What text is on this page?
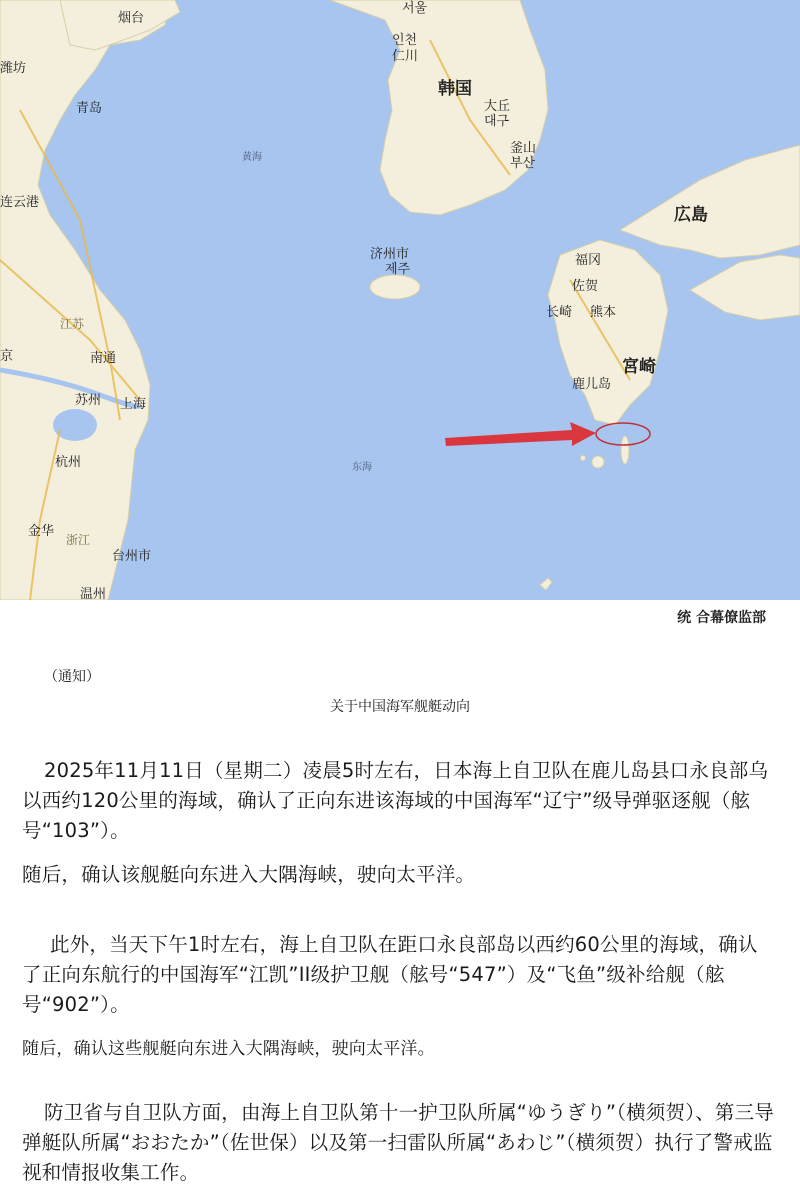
烟台
潍坊
青岛
连云港
江苏
京	南通
苏州 上海
杭州
浙江
金华
台州市
温州
黄海
东海
서울
인천
仁川
韩国
大丘
대구
釜山
부산
济州市
제주
福冈
佐贺
长崎 熊本
宮崎
鹿儿岛
広島
统 合幕僚监部
（通知）
关于中国海军舰艇动向
2025年11月11日（星期二）凌晨5时左右，日本海上自卫队在鹿儿岛县口永良部乌以西约120公里的海域，确认了正向东进该海域的中国海军“辽宁”级导弹驱逐舰（舷号“103”）。
随后，确认该舰艇向东进入大隅海峡，驶向太平洋。
此外，当天下午1时左右，海上自卫队在距口永良部岛以西约60公里的海域，确认了正向东航行的中国海军“江凯”II级护卫舰（舷号“547”）及“飞鱼”级补给舰（舷号“902”）。
随后，确认这些舰艇向东进入大隅海峡，驶向太平洋。
防卫省与自卫队方面，由海上自卫队第十一护卫队所属“ゆうぎり”（横须贺）、第三导弹艇队所属“おおたか”（佐世保）以及第一扫雷队所属“あわじ”（横须贺）执行了警戒监视和情报收集工作。
